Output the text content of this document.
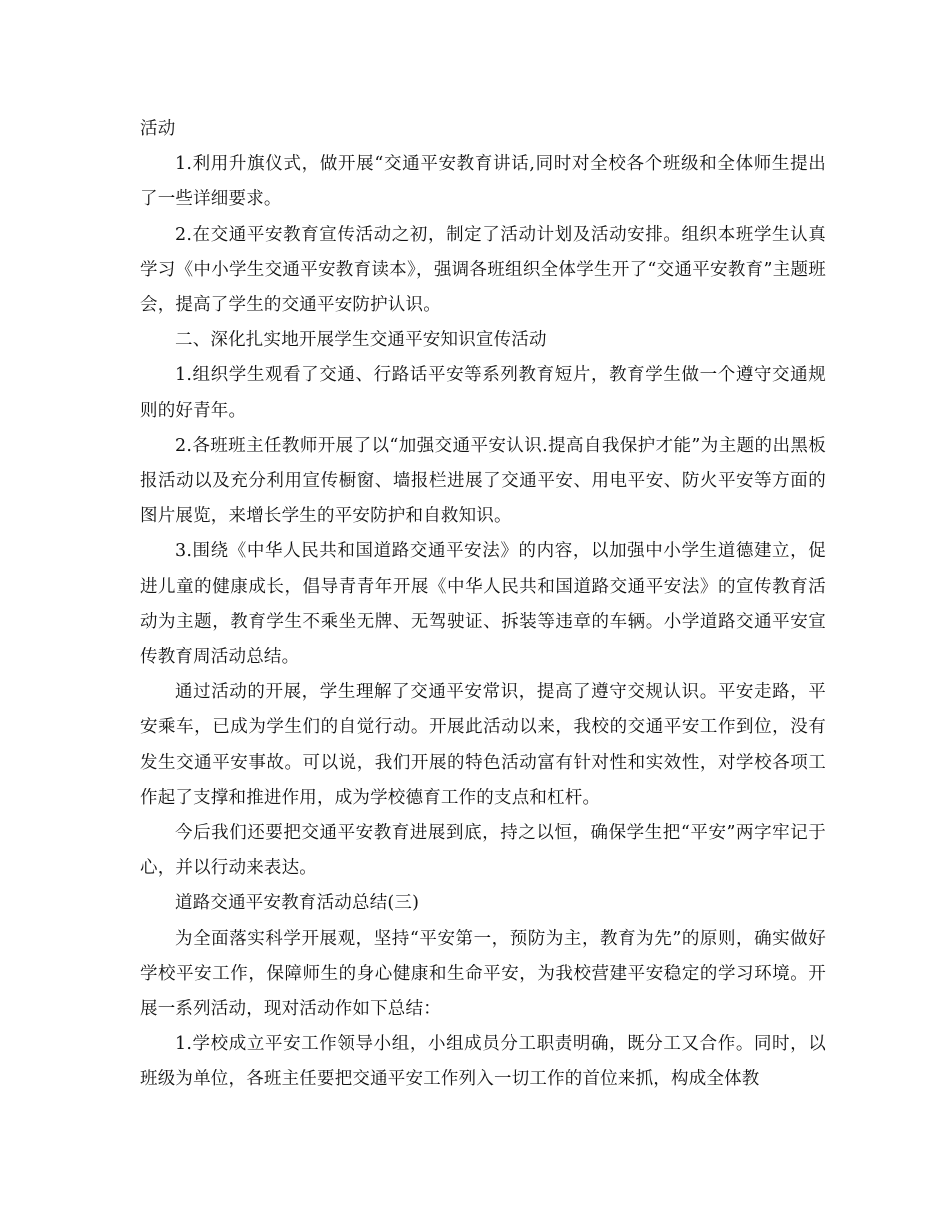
活动

1.利用升旗仪式，做开展“交通平安教育讲话,同时对全校各个班级和全体师生提出了一些详细要求。

2.在交通平安教育宣传活动之初，制定了活动计划及活动安排。组织本班学生认真学习《中小学生交通平安教育读本》，强调各班组织全体学生开了“交通平安教育”主题班会，提高了学生的交通平安防护认识。

二、深化扎实地开展学生交通平安知识宣传活动

1.组织学生观看了交通、行路话平安等系列教育短片，教育学生做一个遵守交通规则的好青年。

2.各班班主任教师开展了以“加强交通平安认识.提高自我保护才能”为主题的出黑板报活动以及充分利用宣传橱窗、墙报栏进展了交通平安、用电平安、防火平安等方面的图片展览，来增长学生的平安防护和自救知识。

3.围绕《中华人民共和国道路交通平安法》的内容，以加强中小学生道德建立，促进儿童的健康成长，倡导青青年开展《中华人民共和国道路交通平安法》的宣传教育活动为主题，教育学生不乘坐无牌、无驾驶证、拆装等违章的车辆。小学道路交通平安宣传教育周活动总结。

通过活动的开展，学生理解了交通平安常识，提高了遵守交规认识。平安走路，平安乘车，已成为学生们的自觉行动。开展此活动以来，我校的交通平安工作到位，没有发生交通平安事故。可以说，我们开展的特色活动富有针对性和实效性，对学校各项工作起了支撑和推进作用，成为学校德育工作的支点和杠杆。

今后我们还要把交通平安教育进展到底，持之以恒，确保学生把“平安”两字牢记于心，并以行动来表达。

道路交通平安教育活动总结(三)

为全面落实科学开展观，坚持“平安第一，预防为主，教育为先”的原则，确实做好学校平安工作，保障师生的身心健康和生命平安，为我校营建平安稳定的学习环境。开展一系列活动，现对活动作如下总结：

1.学校成立平安工作领导小组，小组成员分工职责明确，既分工又合作。同时，以班级为单位，各班主任要把交通平安工作列入一切工作的首位来抓，构成全体教
